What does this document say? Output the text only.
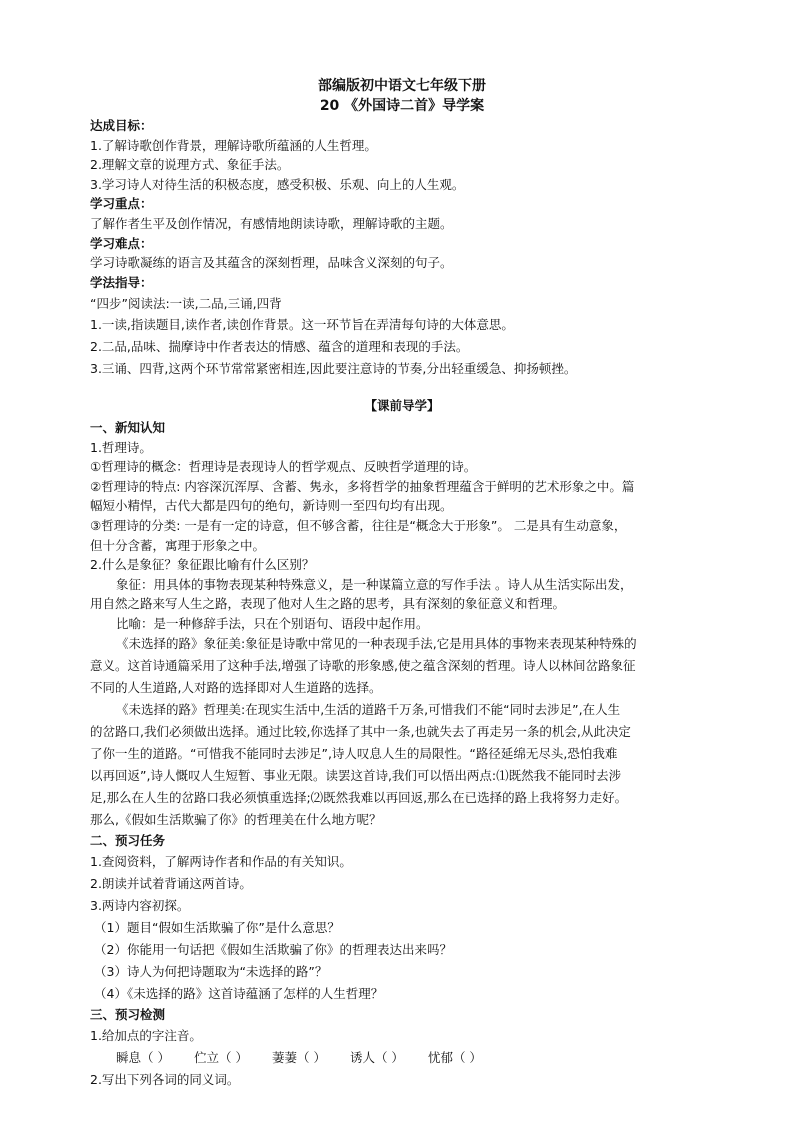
部编版初中语文七年级下册
20 《外国诗二首》导学案
达成目标：
1.了解诗歌创作背景，理解诗歌所蕴涵的人生哲理。
2.理解文章的说理方式、象征手法。
3.学习诗人对待生活的积极态度，感受积极、乐观、向上的人生观。
学习重点：
了解作者生平及创作情况，有感情地朗读诗歌，理解诗歌的主题。
学习难点：
学习诗歌凝练的语言及其蕴含的深刻哲理，品味含义深刻的句子。
学法指导：
“四步”阅读法:一读,二品,三诵,四背
1.一读,指读题目,读作者,读创作背景。这一环节旨在弄清每句诗的大体意思。
2.二品,品味、揣摩诗中作者表达的情感、蕴含的道理和表现的手法。
3.三诵、四背,这两个环节常常紧密相连,因此要注意诗的节奏,分出轻重缓急、抑扬顿挫。
【课前导学】
一、新知认知
1.哲理诗。
①哲理诗的概念：哲理诗是表现诗人的哲学观点、反映哲学道理的诗。
②哲理诗的特点: 内容深沉浑厚、含蓄、隽永，多将哲学的抽象哲理蕴含于鲜明的艺术形象之中。篇
幅短小精悍，古代大都是四句的绝句，新诗则一至四句均有出现。
③哲理诗的分类: 一是有一定的诗意，但不够含蓄，往往是“概念大于形象”。 二是具有生动意象，
但十分含蓄，寓理于形象之中。
2.什么是象征？象征跟比喻有什么区别？
象征：用具体的事物表现某种特殊意义，是一种谋篇立意的写作手法 。诗人从生活实际出发，
用自然之路来写人生之路，表现了他对人生之路的思考，具有深刻的象征意义和哲理。
比喻：是一种修辞手法，只在个别语句、语段中起作用。
《未选择的路》象征美:象征是诗歌中常见的一种表现手法,它是用具体的事物来表现某种特殊的
意义。这首诗通篇采用了这种手法,增强了诗歌的形象感,使之蕴含深刻的哲理。诗人以林间岔路象征
不同的人生道路,人对路的选择即对人生道路的选择。
《未选择的路》哲理美:在现实生活中,生活的道路千万条,可惜我们不能“同时去涉足”,在人生
的岔路口,我们必须做出选择。通过比较,你选择了其中一条,也就失去了再走另一条的机会,从此决定
了你一生的道路。“可惜我不能同时去涉足”,诗人叹息人生的局限性。“路径延绵无尽头,恐怕我难
以再回返”,诗人慨叹人生短暂、事业无限。读罢这首诗,我们可以悟出两点:⑴既然我不能同时去涉
足,那么在人生的岔路口我必须慎重选择;⑵既然我难以再回返,那么在已选择的路上我将努力走好。
那么,《假如生活欺骗了你》的哲理美在什么地方呢？
二、预习任务
1.查阅资料，了解两诗作者和作品的有关知识。
2.朗读并试着背诵这两首诗。
3.两诗内容初探。
（1）题目“假如生活欺骗了你”是什么意思？
（2）你能用一句话把《假如生活欺骗了你》的哲理表达出来吗？
（3）诗人为何把诗题取为“未选择的路”？
（4）《未选择的路》这首诗蕴涵了怎样的人生哲理？
三、预习检测
1.给加点的字注音。
瞬息（ ） 伫立（ ） 萋萋（ ） 诱人（ ） 忧郁（ ）
2.写出下列各词的同义词。
